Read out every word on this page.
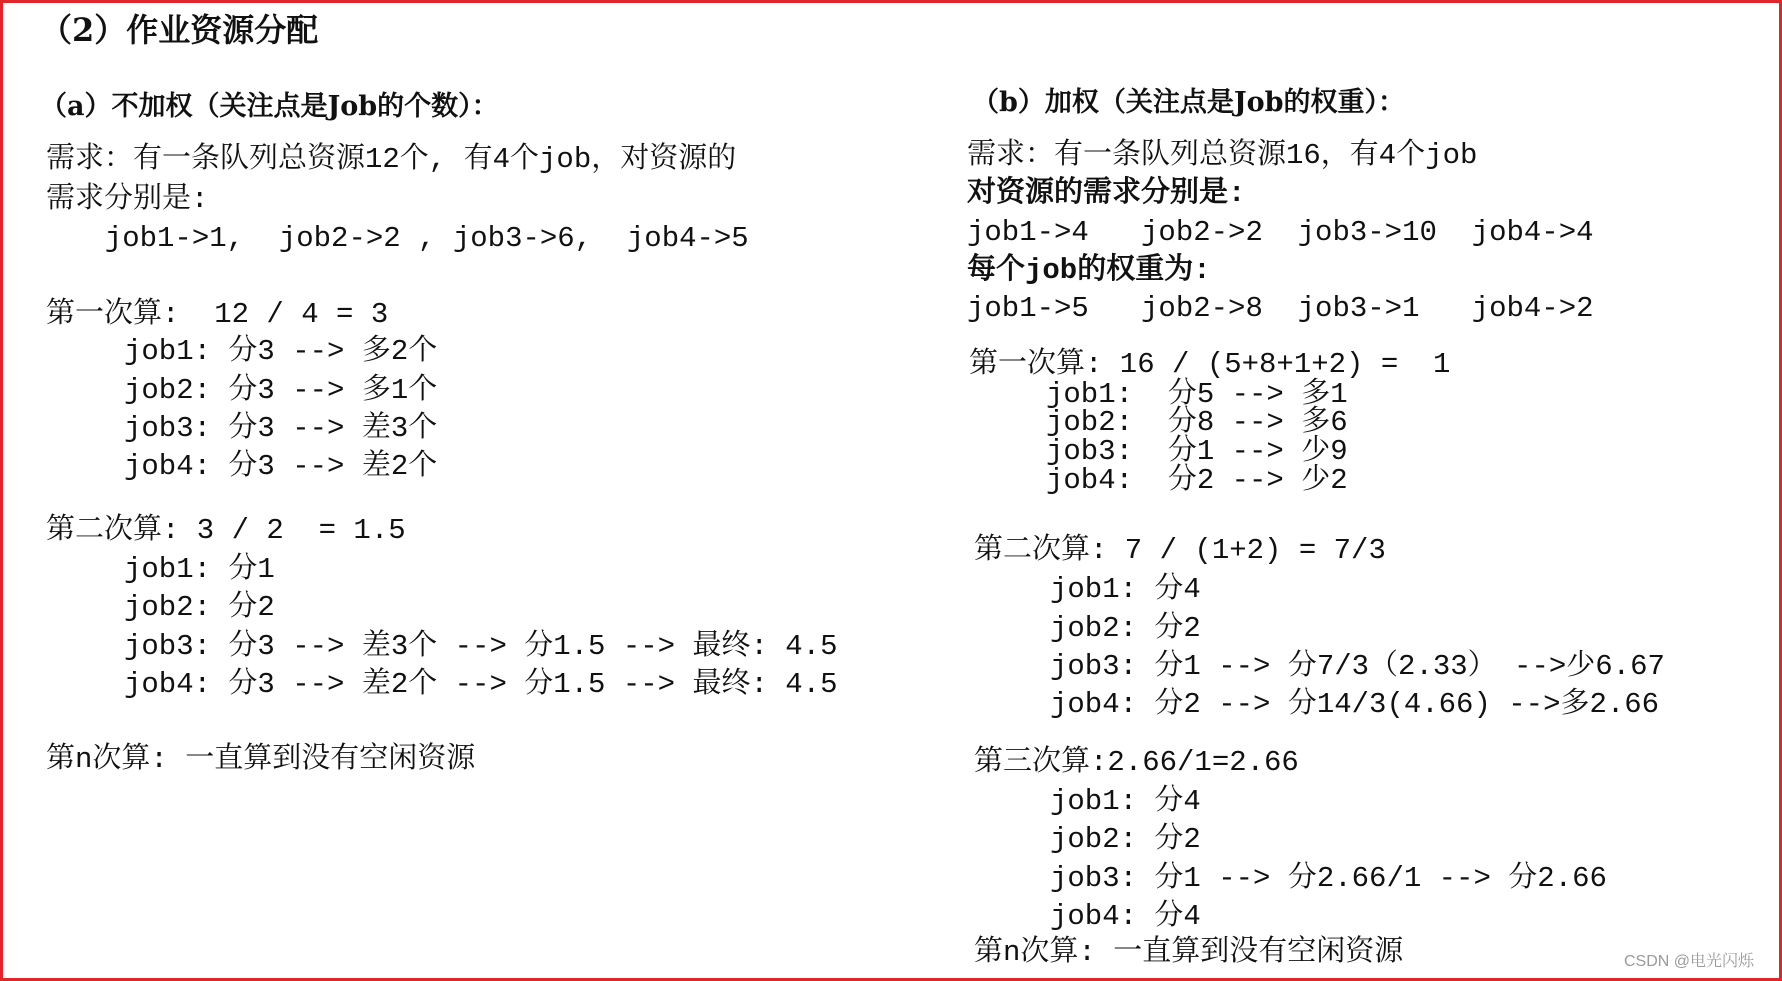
（2）作业资源分配
（a）不加权（关注点是Job的个数）：
需求：有一条队列总资源12个, 有4个job，对资源的
需求分别是:
job1->1,  job2->2 , job3->6,  job4->5
第一次算:  12 / 4 = 3
job1: 分3 --> 多2个
job2: 分3 --> 多1个
job3: 分3 --> 差3个
job4: 分3 --> 差2个
第二次算: 3 / 2  = 1.5
job1: 分1
job2: 分2
job3: 分3 --> 差3个 --> 分1.5 --> 最终: 4.5
job4: 分3 --> 差2个 --> 分1.5 --> 最终: 4.5
第n次算: 一直算到没有空闲资源
（b）加权（关注点是Job的权重）：
需求：有一条队列总资源16，有4个job
对资源的需求分别是:
job1->4   job2->2  job3->10  job4->4
每个job的权重为:
job1->5   job2->8  job3->1   job4->2
第一次算: 16 / (5+8+1+2) =  1
job1:  分5 --> 多1
job2:  分8 --> 多6
job3:  分1 --> 少9
job4:  分2 --> 少2
第二次算: 7 / (1+2) = 7/3
job1: 分4
job2: 分2
job3: 分1 --> 分7/3（2.33） -->少6.67
job4: 分2 --> 分14/3(4.66) -->多2.66
第三次算:2.66/1=2.66
job1: 分4
job2: 分2
job3: 分1 --> 分2.66/1 --> 分2.66
job4: 分4
第n次算: 一直算到没有空闲资源	CSDN @电光闪烁
